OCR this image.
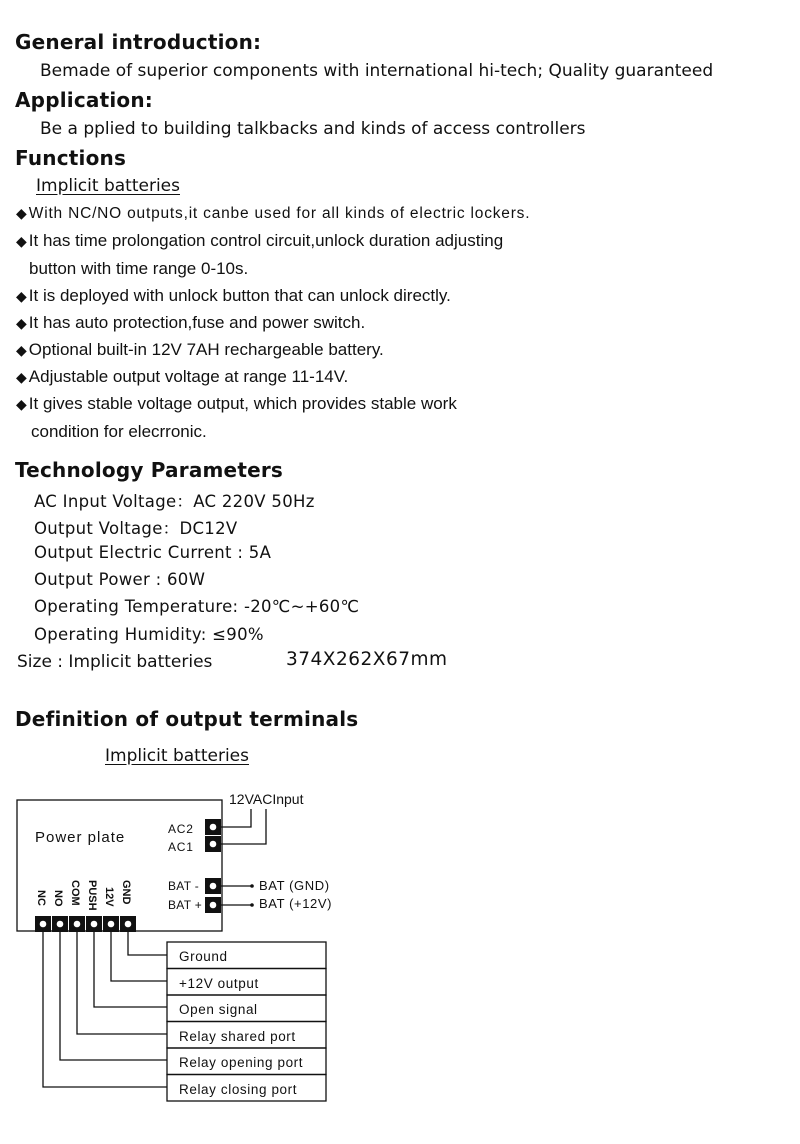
General introduction:
Bemade of superior components with international hi-tech; Quality guaranteed
Application:
Be a pplied to building talkbacks and kinds of access controllers
Functions
Implicit batteries
◆ With NC/NO outputs,it canbe used for all kinds of electric lockers.
◆ It has time prolongation control circuit,unlock duration adjusting
button with time range 0-10s.
◆ It is deployed with unlock button that can unlock directly.
◆ It has auto protection,fuse and power switch.
◆ Optional built-in 12V 7AH rechargeable battery.
◆ Adjustable output voltage at range 11-14V.
◆ It gives stable voltage output, which provides stable work
condition for elecrronic.
Technology Parameters
AC Input Voltage：AC 220V 50Hz
Output Voltage：DC12V
Output Electric Current : 5A
Output Power : 60W
Operating Temperature: -20℃~+60℃
Operating Humidity: ≤90%
Size : Implicit batteries	374X262X67mm
Definition of output terminals
Implicit batteries
12VACInput
Power plate	AC2
AC1
BAT -
BAT +
BAT (GND)
BAT (+12V)
NC NO COM PUSH 12V GND
Ground
+12V output
Open signal
Relay shared port
Relay opening port
Relay closing port
